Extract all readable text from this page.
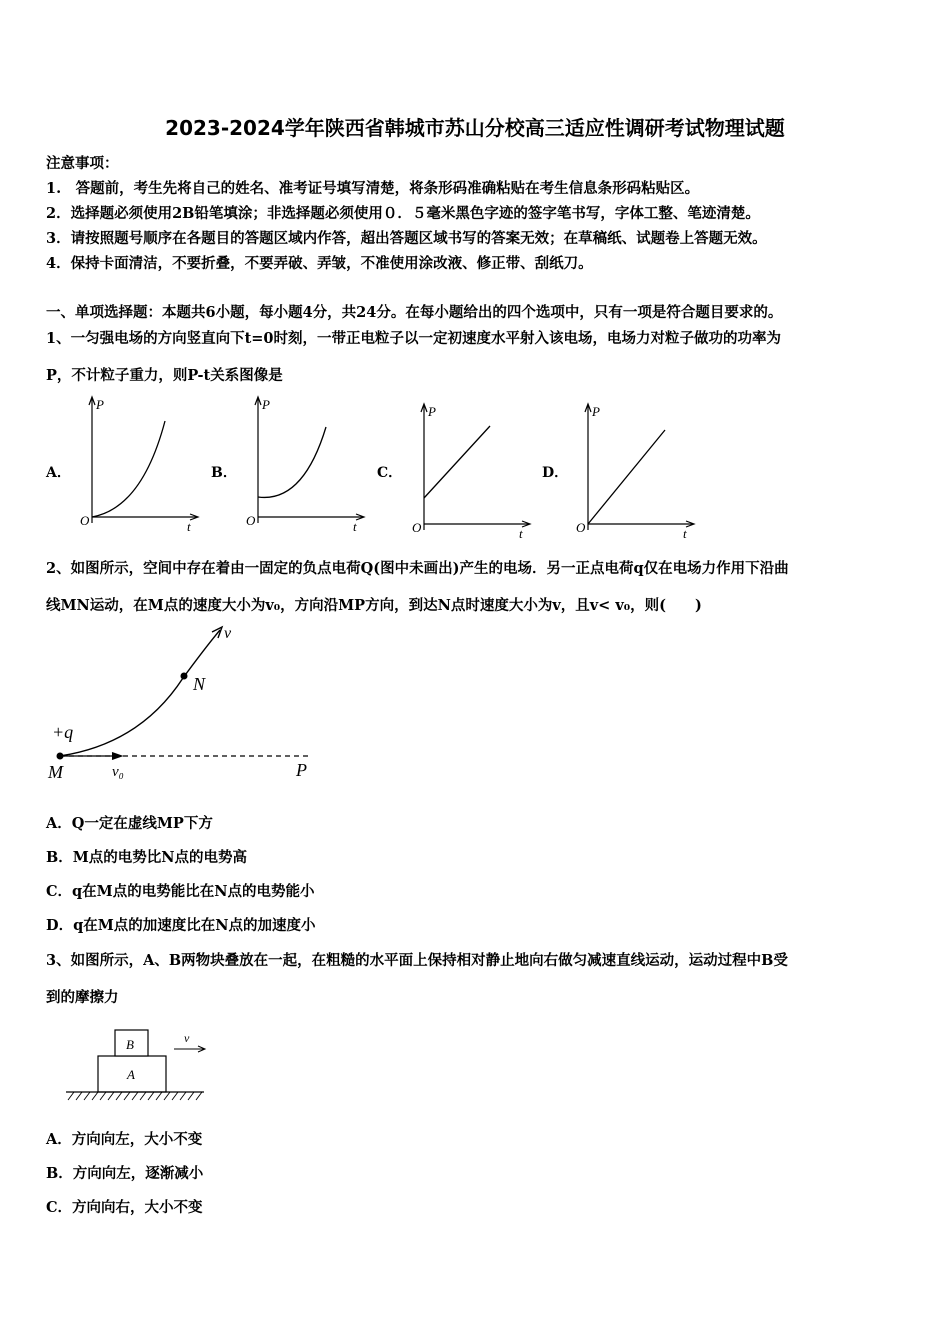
2023-2024学年陕西省韩城市苏山分校高三适应性调研考试物理试题
注意事项：
1.　答题前，考生先将自己的姓名、准考证号填写清楚，将条形码准确粘贴在考生信息条形码粘贴区。
2．选择题必须使用2B铅笔填涂；非选择题必须使用０．５毫米黑色字迹的签字笔书写，字体工整、笔迹清楚。
3．请按照题号顺序在各题目的答题区域内作答，超出答题区域书写的答案无效；在草稿纸、试题卷上答题无效。
4．保持卡面清洁，不要折叠，不要弄破、弄皱，不准使用涂改液、修正带、刮纸刀。
一、单项选择题：本题共6小题，每小题4分，共24分。在每小题给出的四个选项中，只有一项是符合题目要求的。
1、一匀强电场的方向竖直向下t=0时刻，一带正电粒子以一定初速度水平射入该电场，电场力对粒子做功的功率为
P，不计粒子重力，则P-t关系图像是
A．	B．	C．	D．
P
O	t
P
O	t
P
O	t
P
O	t
2、如图所示，空间中存在着由一固定的负点电荷Q(图中未画出)产生的电场．另一正点电荷q仅在电场力作用下沿曲
线MN运动，在M点的速度大小为v₀，方向沿MP方向，到达N点时速度大小为v，且v< v₀，则(　　)
+q
M
N
P
v
v₀
A．Q一定在虚线MP下方
B．M点的电势比N点的电势高
C．q在M点的电势能比在N点的电势能小
D．q在M点的加速度比在N点的加速度小
3、如图所示，A、B两物块叠放在一起，在粗糙的水平面上保持相对静止地向右做匀减速直线运动，运动过程中B受
到的摩擦力
A
B	v
A．方向向左，大小不变
B．方向向左，逐渐减小
C．方向向右，大小不变
